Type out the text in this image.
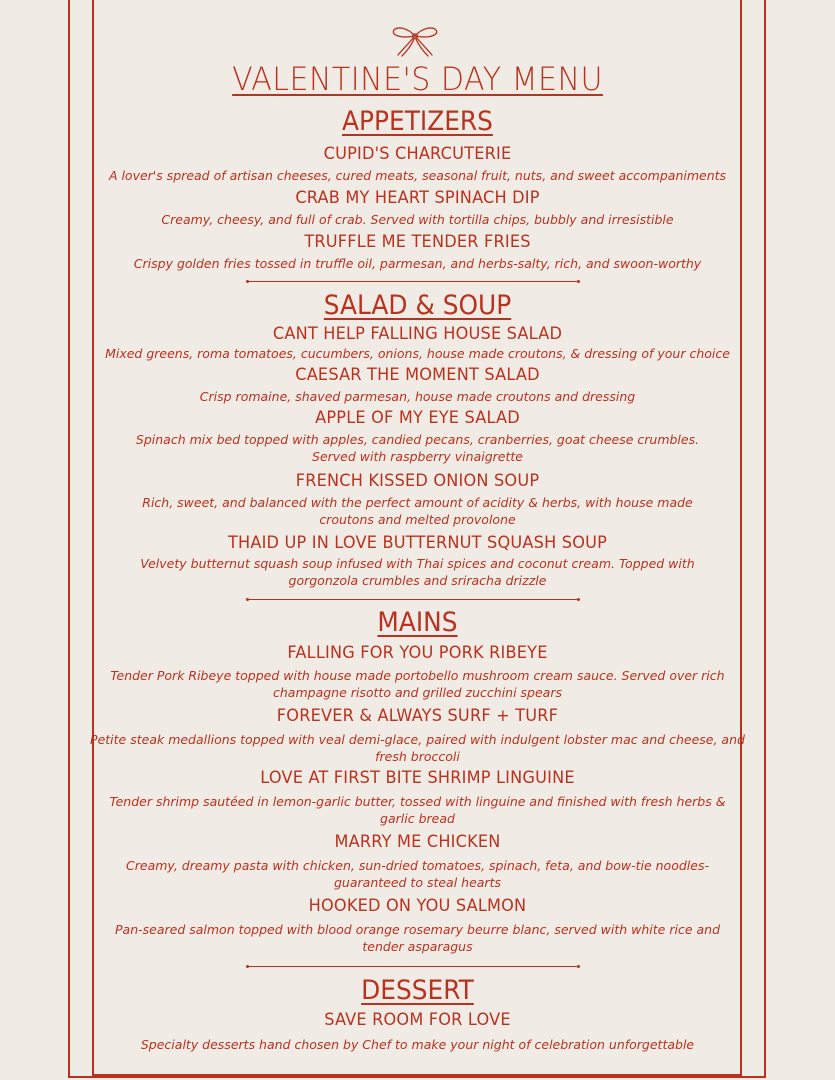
VALENTINE'S DAY MENU
APPETIZERS
CUPID'S CHARCUTERIE
A lover's spread of artisan cheeses, cured meats, seasonal fruit, nuts, and sweet accompaniments
CRAB MY HEART SPINACH DIP
Creamy, cheesy, and full of crab. Served with tortilla chips, bubbly and irresistible
TRUFFLE ME TENDER FRIES
Crispy golden fries tossed in truffle oil, parmesan, and herbs-salty, rich, and swoon-worthy
SALAD & SOUP
CANT HELP FALLING HOUSE SALAD
Mixed greens, roma tomatoes, cucumbers, onions, house made croutons, & dressing of your choice
CAESAR THE MOMENT SALAD
Crisp romaine, shaved parmesan, house made croutons and dressing
APPLE OF MY EYE SALAD
Spinach mix bed topped with apples, candied pecans, cranberries, goat cheese crumbles. Served with raspberry vinaigrette
FRENCH KISSED ONION SOUP
Rich, sweet, and balanced with the perfect amount of acidity & herbs, with house made croutons and melted provolone
THAID UP IN LOVE BUTTERNUT SQUASH SOUP
Velvety butternut squash soup infused with Thai spices and coconut cream. Topped with gorgonzola crumbles and sriracha drizzle
MAINS
FALLING FOR YOU PORK RIBEYE
Tender Pork Ribeye topped with house made portobello mushroom cream sauce. Served over rich champagne risotto and grilled zucchini spears
FOREVER & ALWAYS SURF + TURF
Petite steak medallions topped with veal demi-glace, paired with indulgent lobster mac and cheese, and fresh broccoli
LOVE AT FIRST BITE SHRIMP LINGUINE
Tender shrimp sautéed in lemon-garlic butter, tossed with linguine and finished with fresh herbs & garlic bread
MARRY ME CHICKEN
Creamy, dreamy pasta with chicken, sun-dried tomatoes, spinach, feta, and bow-tie noodles- guaranteed to steal hearts
HOOKED ON YOU SALMON
Pan-seared salmon topped with blood orange rosemary beurre blanc, served with white rice and tender asparagus
DESSERT
SAVE ROOM FOR LOVE
Specialty desserts hand chosen by Chef to make your night of celebration unforgettable
